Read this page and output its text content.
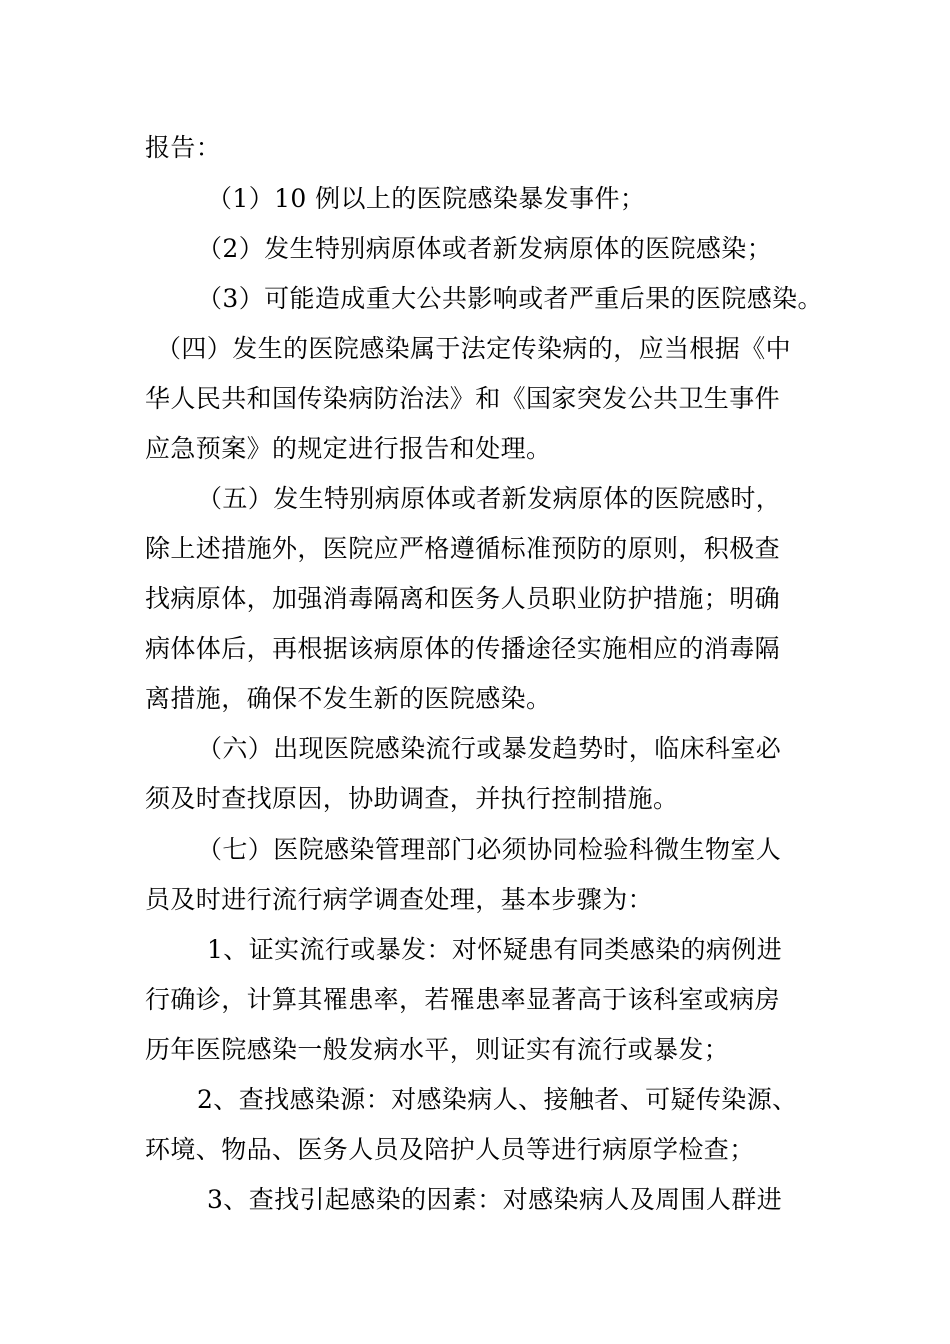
报告：
（1）10 例以上的医院感染暴发事件；
（2）发生特别病原体或者新发病原体的医院感染；
（3）可能造成重大公共影响或者严重后果的医院感染。
（四）发生的医院感染属于法定传染病的，应当根据《中
华人民共和国传染病防治法》和《国家突发公共卫生事件
应急预案》的规定进行报告和处理。
（五）发生特别病原体或者新发病原体的医院感时，
除上述措施外，医院应严格遵循标准预防的原则，积极查
找病原体，加强消毒隔离和医务人员职业防护措施；明确
病体体后，再根据该病原体的传播途径实施相应的消毒隔
离措施，确保不发生新的医院感染。
（六）出现医院感染流行或暴发趋势时，临床科室必
须及时查找原因，协助调查，并执行控制措施。
（七）医院感染管理部门必须协同检验科微生物室人
员及时进行流行病学调查处理，基本步骤为：
1、证实流行或暴发：对怀疑患有同类感染的病例进
行确诊，计算其罹患率，若罹患率显著高于该科室或病房
历年医院感染一般发病水平，则证实有流行或暴发；
2、查找感染源：对感染病人、接触者、可疑传染源、
环境、物品、医务人员及陪护人员等进行病原学检查；
3、查找引起感染的因素：对感染病人及周围人群进
